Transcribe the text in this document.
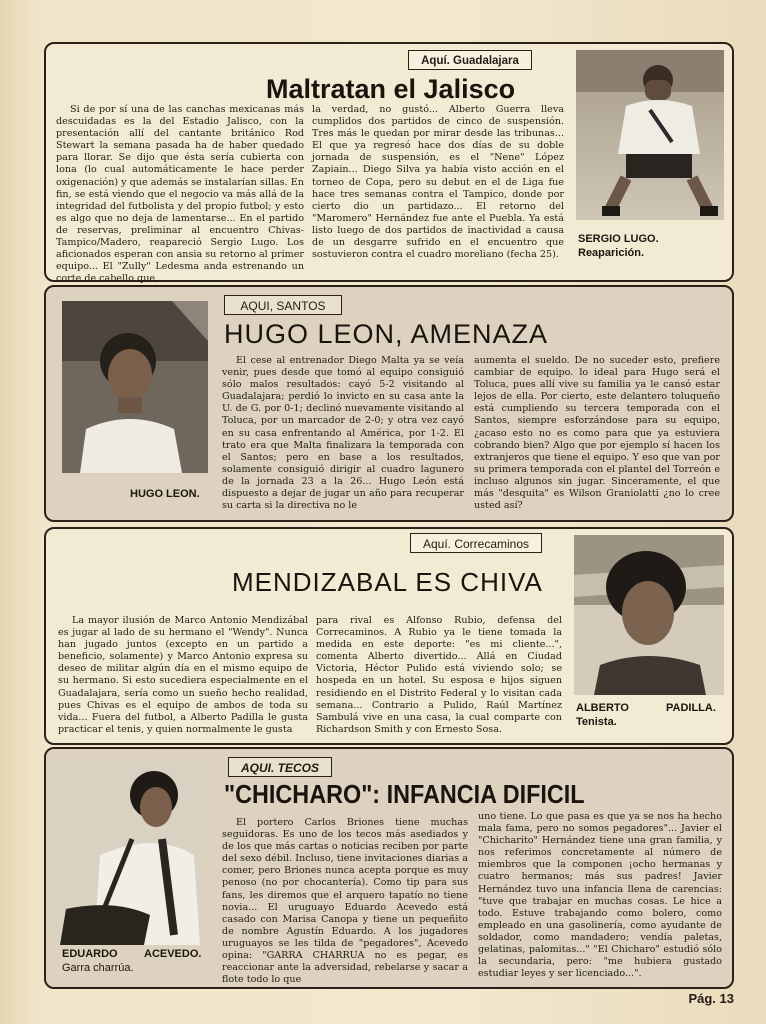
Aquí. Guadalajara
Maltratan el Jalisco

Si de por sí una de las canchas mexicanas más descuidadas es la del Estadio Jalisco, con la presentación allí del cantante británico Rod Stewart la semana pasada ha de haber quedado para llorar. Se dijo que ésta sería cubierta con lona (lo cual automáticamente le hace perder oxigenación) y que además se instalarían sillas. En fin, se está viendo que el negocio va más allá de la integridad del futbolista y del propio futbol; y esto es algo que no deja de lamentarse... En el partido de reservas, preliminar al encuentro Chivas-Tampico/Madero, reapareció Sergio Lugo. Los aficionados esperan con ansia su retorno al primer equipo... El "Zully" Ledesma anda estrenando un corte de cabello que,

la verdad, no gustó... Alberto Guerra lleva cumplidos dos partidos de cinco de suspensión. Tres más le quedan por mirar desde las tribunas... El que ya regresó hace dos días de su doble jornada de suspensión, es el "Nene" López Zapiain... Diego Silva ya había visto acción en el torneo de Copa, pero su debut en el de Liga fue hace tres semanas contra el Tampico, donde por cierto dio un partidazo... El retorno del "Maromero" Hernández fue ante el Puebla. Ya está listo luego de dos partidos de inactividad a causa de un desgarre sufrido en el encuentro que sostuvieron contra el cuadro moreliano (fecha 25).

SERGIO LUGO. Reaparición.
AQUI, SANTOS
HUGO LEON, AMENAZA
HUGO LEON.

El cese al entrenador Diego Malta ya se veía venir, pues desde que tomó al equipo consiguió sólo malos resultados: cayó 5-2 visitando al Guadalajara; perdió lo invicto en su casa ante la U. de G. por 0-1; declinó nuevamente visitando al Toluca, por un marcador de 2-0; y otra vez cayó en su casa enfrentando al América, por 1-2. El trato era que Malta finalizara la temporada con el Santos; pero en base a los resultados, solamente consiguió dirigir al cuadro lagunero de la jornada 23 a la 26... Hugo León está dispuesto a dejar de jugar un año para recuperar su carta si la directiva no le

aumenta el sueldo. De no suceder esto, prefiere cambiar de equipo. lo ideal para Hugo será el Toluca, pues allí vive su familia ya le cansó estar lejos de ella. Por cierto, este delantero toluqueño está cumpliendo su tercera temporada con el Santos, siempre esforzándose para su equipo, ¿acaso esto no es como para que ya estuviera cobrando bien? Algo que por ejemplo sí hacen los extranjeros que tiene el equipo. Y eso que van por su primera temporada con el plantel del Torreón e incluso algunos sin jugar. Sinceramente, el que más "desquita" es Wilson Graniolatti ¿no lo cree usted así?

Aquí. Correcaminos
MENDIZABAL ES CHIVA

La mayor ilusión de Marco Antonio Mendizábal es jugar al lado de su hermano el "Wendy". Nunca han jugado juntos (excepto en un partido a beneficio, solamente) y Marco Antonio expresa su deseo de militar algún día en el mismo equipo de su hermano. Si esto sucediera especialmente en el Guadalajara, sería como un sueño hecho realidad, pues Chivas es el equipo de ambos de toda su vida... Fuera del futbol, a Alberto Padilla le gusta practicar el tenis, y quien normalmente le gusta

para rival es Alfonso Rubio, defensa del Correcaminos. A Rubio ya le tiene tomada la medida en este deporte: "es mi cliente...", comenta Alberto divertido... Allá en Ciudad Victoria, Héctor Pulido está viviendo solo; se hospeda en un hotel. Su esposa e hijos siguen residiendo en el Distrito Federal y lo visitan cada semana... Contrario a Pulido, Raúl Martínez Sambulá vive en una casa, la cual comparte con Richardson Smith y con Ernesto Sosa.

ALBERTO	PADILLA.
Tenista.
AQUI. TECOS
"CHICHARO": INFANCIA DIFICIL
EDUARDO ACEVEDO.
Garra charrúa.

El portero Carlos Briones tiene muchas seguidoras. Es uno de los tecos más asediados y de los que más cartas o noticias reciben por parte del sexo débil. Incluso, tiene invitaciones diarias a comer, pero Briones nunca acepta porque es muy penoso (no por chocantería). Como tip para sus fans, les diremos que el arquero tapatío no tiene novia... El uruguayo Eduardo Acevedo está casado con Marisa Canopa y tiene un pequeñito de nombre Agustín Eduardo. A los jugadores uruguayos se les tilda de "pegadores", Acevedo opina: "GARRA CHARRUA no es pegar, es reaccionar ante la adversidad, rebelarse y sacar a flote todo lo que

uno tiene. Lo que pasa es que ya se nos ha hecho mala fama, pero no somos pegadores"... Javier el "Chicharito" Hernández tiene una gran familia, y nos referimos concretamente al número de miembros que la componen ¡ocho hermanas y cuatro hermanos; más sus padres! Javier Hernández tuvo una infancia llena de carencias: "tuve que trabajar en muchas cosas. Le hice a todo. Estuve trabajando como bolero, como empleado en una gasolinería, como ayudante de soldador, como mandadero; vendía paletas, gelatinas, palomitas..." "El Chicharo" estudió sólo la secundaria, pero: "me hubiera gustado estudiar leyes y ser licenciado...".

Pág. 13
